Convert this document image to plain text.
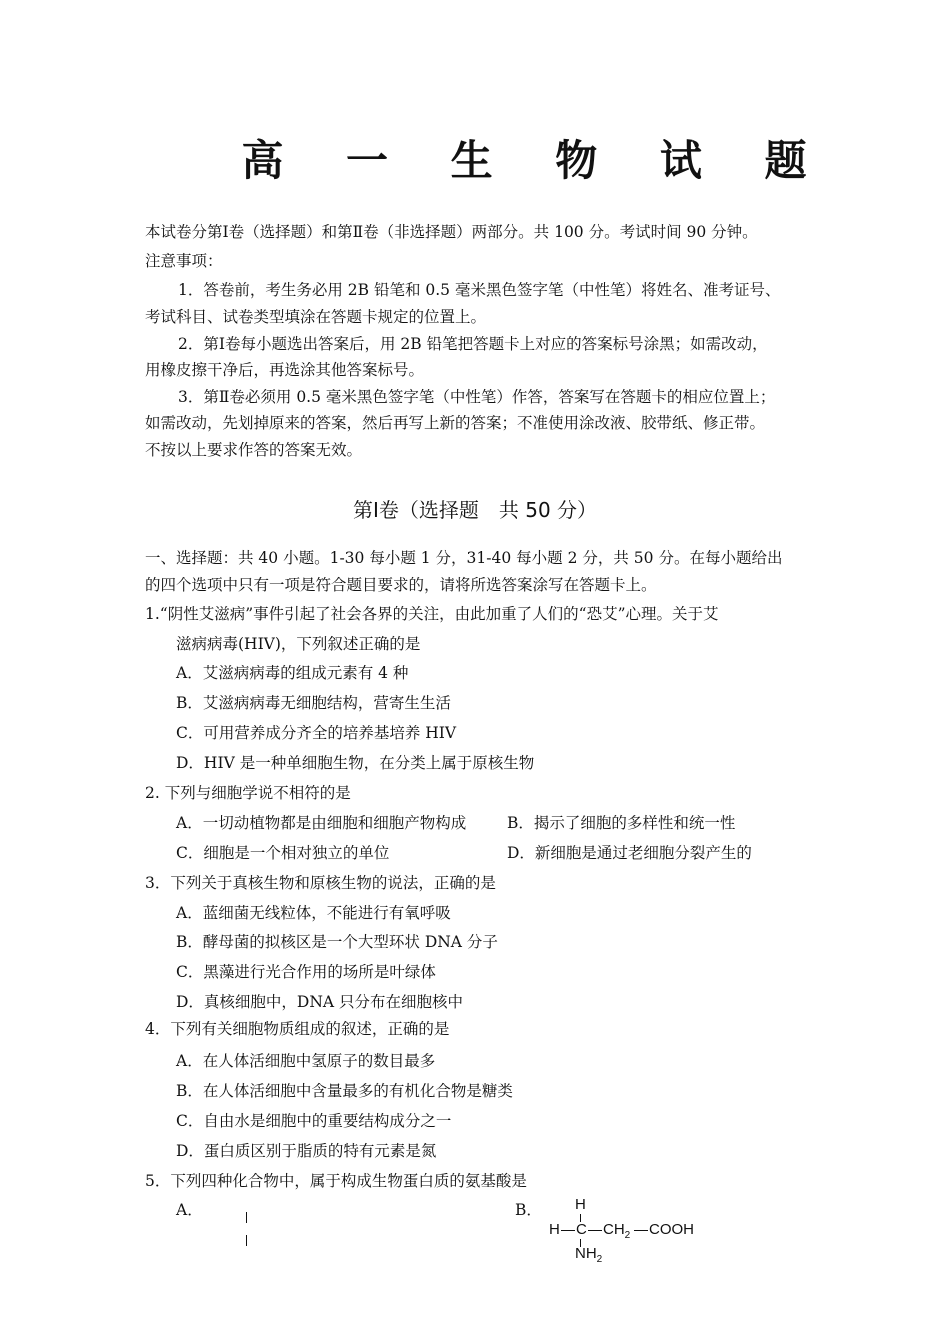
高 一 生 物 试 题
本试卷分第Ⅰ卷（选择题）和第Ⅱ卷（非选择题）两部分。共 100 分。考试时间 90 分钟。
注意事项：
1．答卷前，考生务必用 2B 铅笔和 0.5 毫米黑色签字笔（中性笔）将姓名、准考证号、
考试科目、试卷类型填涂在答题卡规定的位置上。
2．第Ⅰ卷每小题选出答案后，用 2B 铅笔把答题卡上对应的答案标号涂黑；如需改动，
用橡皮擦干净后，再选涂其他答案标号。
3．第Ⅱ卷必须用 0.5 毫米黑色签字笔（中性笔）作答，答案写在答题卡的相应位置上；
如需改动，先划掉原来的答案，然后再写上新的答案；不准使用涂改液、胶带纸、修正带。
不按以上要求作答的答案无效。
第Ⅰ卷（选择题　共 50 分）
一、选择题：共 40 小题。1-30 每小题 1 分，31-40 每小题 2 分，共 50 分。在每小题给出
的四个选项中只有一项是符合题目要求的，请将所选答案涂写在答题卡上。
1.“阴性艾滋病”事件引起了社会各界的关注，由此加重了人们的“恐艾”心理。关于艾
滋病病毒(HIV)，下列叙述正确的是
A．艾滋病病毒的组成元素有 4 种
B．艾滋病病毒无细胞结构，营寄生生活
C．可用营养成分齐全的培养基培养 HIV
D．HIV 是一种单细胞生物，在分类上属于原核生物
2. 下列与细胞学说不相符的是
A．一切动植物都是由细胞和细胞产物构成	B．揭示了细胞的多样性和统一性
C．细胞是一个相对独立的单位	D．新细胞是通过老细胞分裂产生的
3．下列关于真核生物和原核生物的说法，正确的是
A．蓝细菌无线粒体，不能进行有氧呼吸
B．酵母菌的拟核区是一个大型环状 DNA 分子
C．黑藻进行光合作用的场所是叶绿体
D．真核细胞中，DNA 只分布在细胞核中
4．下列有关细胞物质组成的叙述，正确的是
A．在人体活细胞中氢原子的数目最多
B．在人体活细胞中含量最多的有机化合物是糖类
C．自由水是细胞中的重要结构成分之一
D．蛋白质区别于脂质的特有元素是氮
5．下列四种化合物中，属于构成生物蛋白质的氨基酸是
A．	B． H
H C $CH_2$ COOH
$NH_2$
